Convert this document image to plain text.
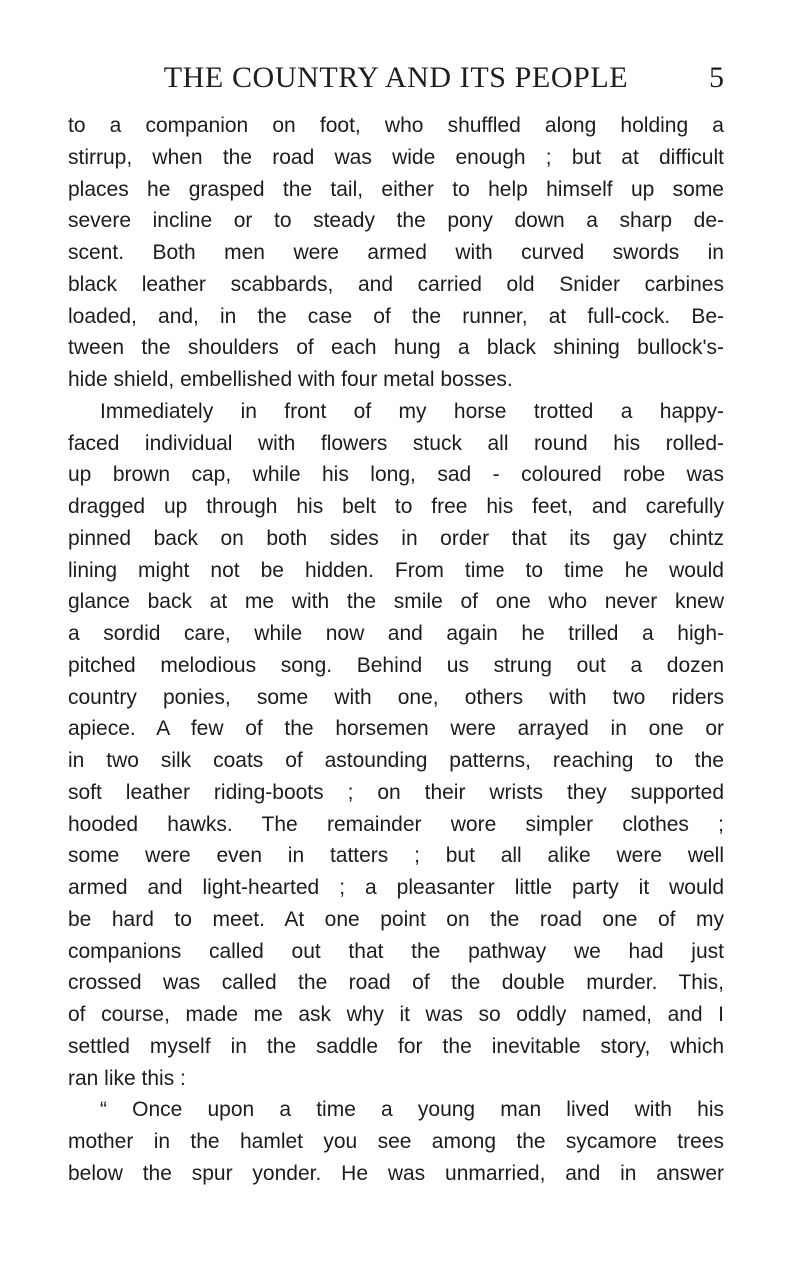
THE COUNTRY AND ITS PEOPLE	5
to a companion on foot, who shuffled along holding a
stirrup, when the road was wide enough ; but at difficult
places he grasped the tail, either to help himself up some
severe incline or to steady the pony down a sharp de-
scent. Both men were armed with curved swords in
black leather scabbards, and carried old Snider carbines
loaded, and, in the case of the runner, at full-cock. Be-
tween the shoulders of each hung a black shining bullock's-
hide shield, embellished with four metal bosses.
Immediately in front of my horse trotted a happy-
faced individual with flowers stuck all round his rolled-
up brown cap, while his long, sad - coloured robe was
dragged up through his belt to free his feet, and carefully
pinned back on both sides in order that its gay chintz
lining might not be hidden. From time to time he would
glance back at me with the smile of one who never knew
a sordid care, while now and again he trilled a high-
pitched melodious song. Behind us strung out a dozen
country ponies, some with one, others with two riders
apiece. A few of the horsemen were arrayed in one or
in two silk coats of astounding patterns, reaching to the
soft leather riding-boots ; on their wrists they supported
hooded hawks. The remainder wore simpler clothes ;
some were even in tatters ; but all alike were well
armed and light-hearted ; a pleasanter little party it would
be hard to meet. At one point on the road one of my
companions called out that the pathway we had just
crossed was called the road of the double murder. This,
of course, made me ask why it was so oddly named, and I
settled myself in the saddle for the inevitable story, which
ran like this :
“ Once upon a time a young man lived with his
mother in the hamlet you see among the sycamore trees
below the spur yonder. He was unmarried, and in answer
